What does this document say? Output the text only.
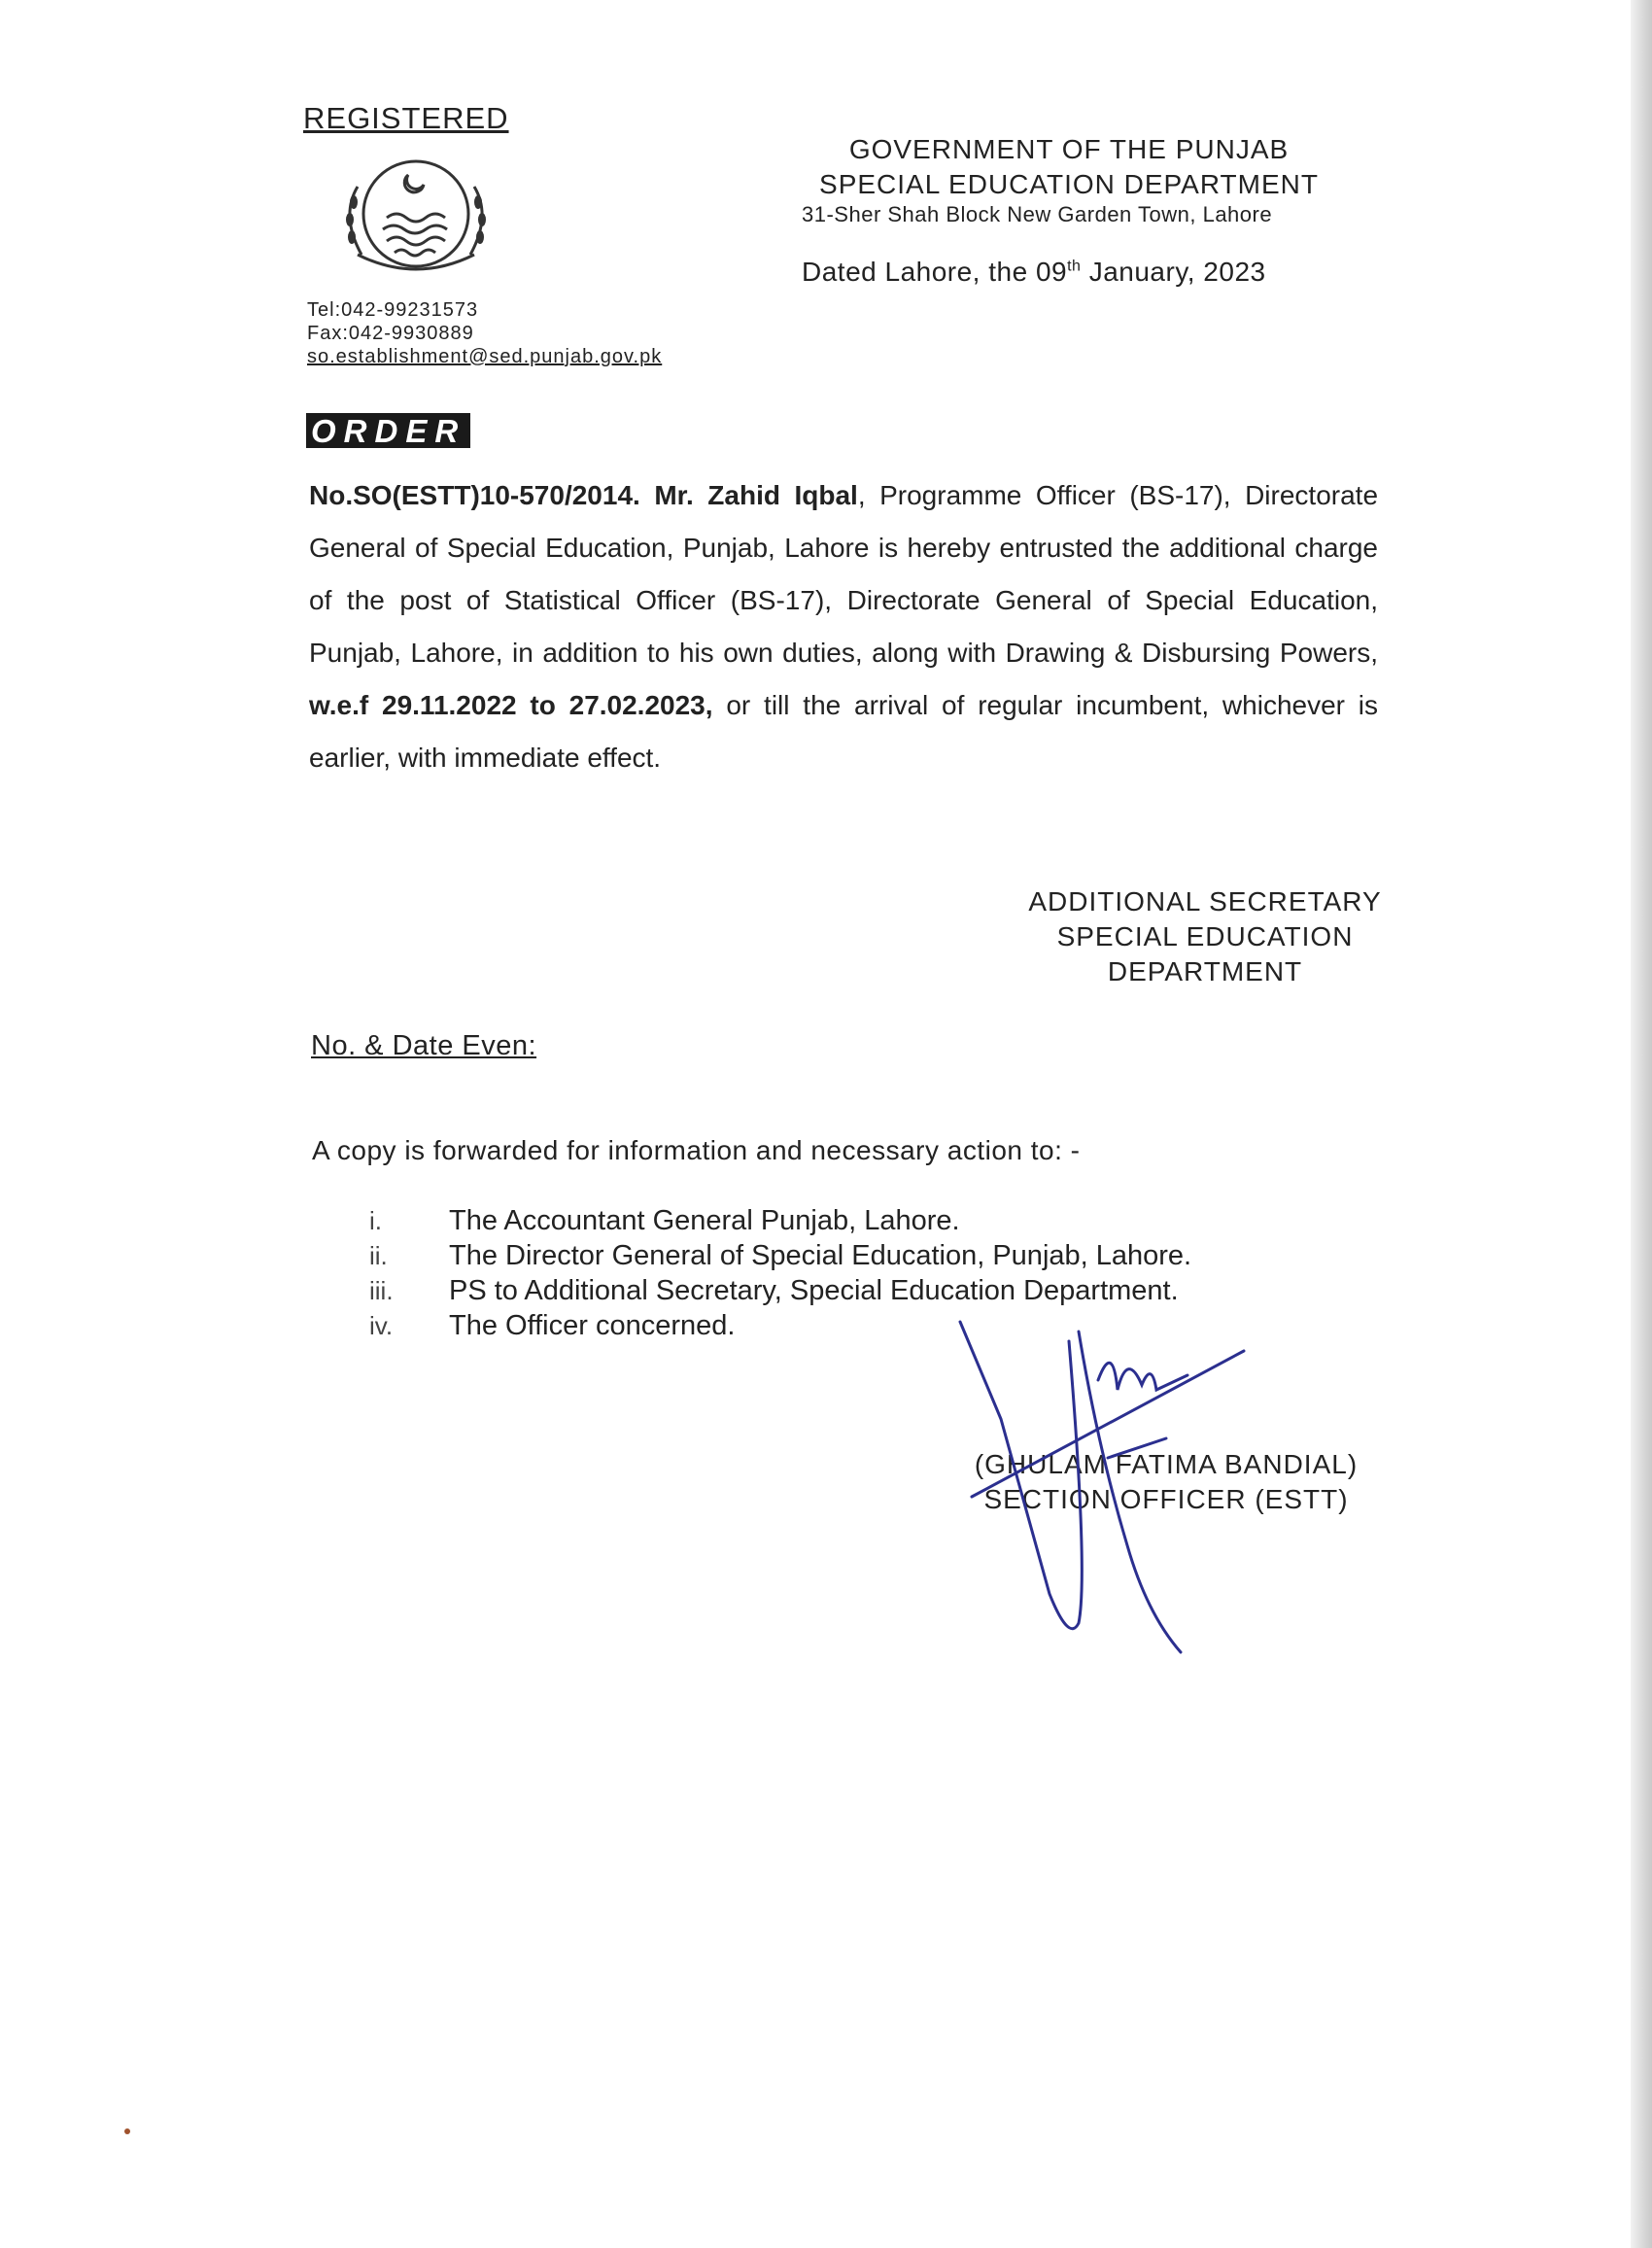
REGISTERED
Tel:042-99231573
Fax:042-9930889
so.establishment@sed.punjab.gov.pk
GOVERNMENT OF THE PUNJAB
SPECIAL EDUCATION DEPARTMENT
31-Sher Shah Block New Garden Town, Lahore
Dated Lahore, the 09th January, 2023
ORDER
No.SO(ESTT)10-570/2014. Mr. Zahid Iqbal, Programme Officer (BS-17), Directorate General of Special Education, Punjab, Lahore is hereby entrusted the additional charge of the post of Statistical Officer (BS-17), Directorate General of Special Education, Punjab, Lahore, in addition to his own duties, along with Drawing & Disbursing Powers, w.e.f 29.11.2022 to 27.02.2023, or till the arrival of regular incumbent, whichever is earlier, with immediate effect.
ADDITIONAL SECRETARY
SPECIAL EDUCATION
DEPARTMENT
No. & Date Even:
A copy is forwarded for information and necessary action to: -
i.	The Accountant General Punjab, Lahore.
ii.	The Director General of Special Education, Punjab, Lahore.
iii.	PS to Additional Secretary, Special Education Department.
iv.	The Officer concerned.
(GHULAM FATIMA BANDIAL)
SECTION OFFICER (ESTT)
